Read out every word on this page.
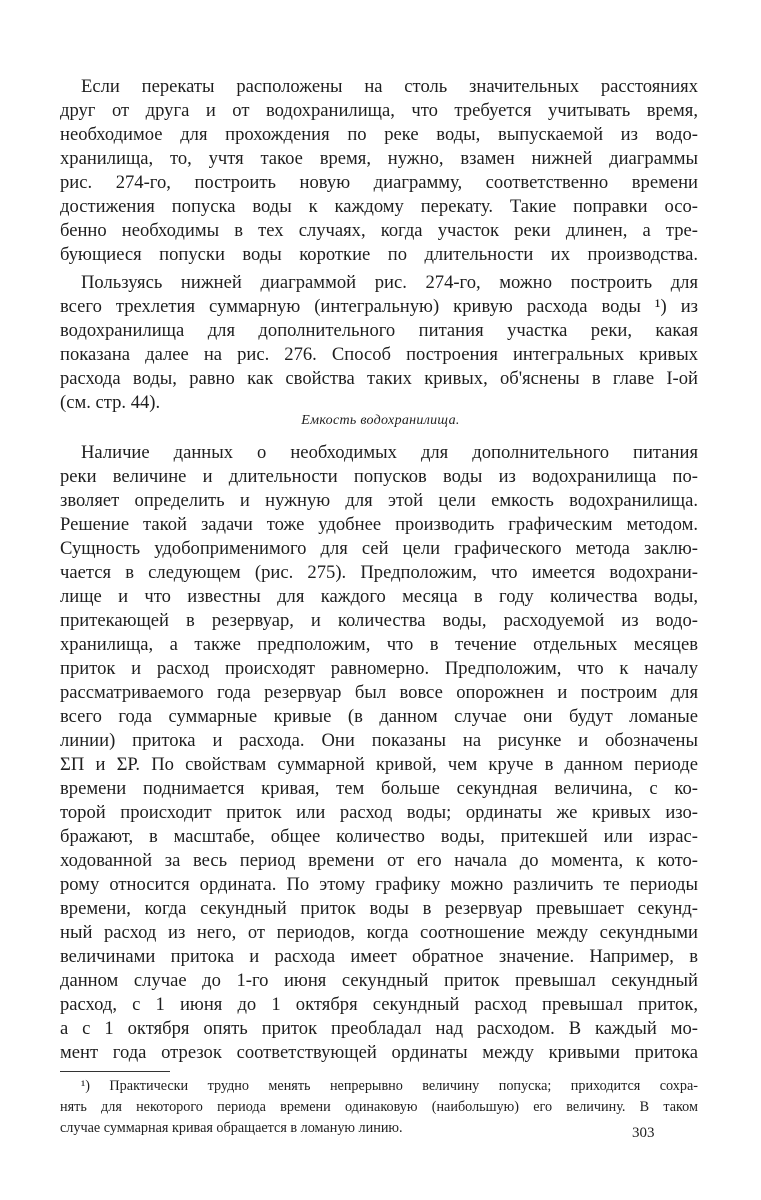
Если перекаты расположены на столь значительных расстояниях
друг от друга и от водохранилища, что требуется учитывать время,
необходимое для прохождения по реке воды, выпускаемой из водо-
хранилища, то, учтя такое время, нужно, взамен нижней диаграммы
рис. 274-го, построить новую диаграмму, соответственно времени
достижения попуска воды к каждому перекату. Такие поправки осо-
бенно необходимы в тех случаях, когда участок реки длинен, а тре-
бующиеся попуски воды короткие по длительности их производства.
Пользуясь нижней диаграммой рис. 274-го, можно построить для
всего трехлетия суммарную (интегральную) кривую расхода воды ¹) из
водохранилища для дополнительного питания участка реки, какая
показана далее на рис. 276. Способ построения интегральных кривых
расхода воды, равно как свойства таких кривых, об'яснены в главе I-ой
(см. стр. 44).
Емкость водохранилища.
Наличие данных о необходимых для дополнительного питания
реки величине и длительности попусков воды из водохранилища по-
зволяет определить и нужную для этой цели емкость водохранилища.
Решение такой задачи тоже удобнее производить графическим методом.
Сущность удобоприменимого для сей цели графического метода заклю-
чается в следующем (рис. 275). Предположим, что имеется водохрани-
лище и что известны для каждого месяца в году количества воды,
притекающей в резервуар, и количества воды, расходуемой из водо-
хранилища, а также предположим, что в течение отдельных месяцев
приток и расход происходят равномерно. Предположим, что к началу
рассматриваемого года резервуар был вовсе опорожнен и построим для
всего года суммарные кривые (в данном случае они будут ломаные
линии) притока и расхода. Они показаны на рисунке и обозначены
ΣП и ΣР. По свойствам суммарной кривой, чем круче в данном периоде
времени поднимается кривая, тем больше секундная величина, с ко-
торой происходит приток или расход воды; ординаты же кривых изо-
бражают, в масштабе, общее количество воды, притекшей или израс-
ходованной за весь период времени от его начала до момента, к кото-
рому относится ордината. По этому графику можно различить те периоды
времени, когда секундный приток воды в резервуар превышает секунд-
ный расход из него, от периодов, когда соотношение между секундными
величинами притока и расхода имеет обратное значение. Например, в
данном случае до 1-го июня секундный приток превышал секундный
расход, с 1 июня до 1 октября секундный расход превышал приток,
а с 1 октября опять приток преобладал над расходом. В каждый мо-
мент года отрезок соответствующей ординаты между кривыми притока
¹) Практически трудно менять непрерывно величину попуска; приходится сохра-
нять для некоторого периода времени одинаковую (наибольшую) его величину. В таком
случае суммарная кривая обращается в ломаную линию.	303
